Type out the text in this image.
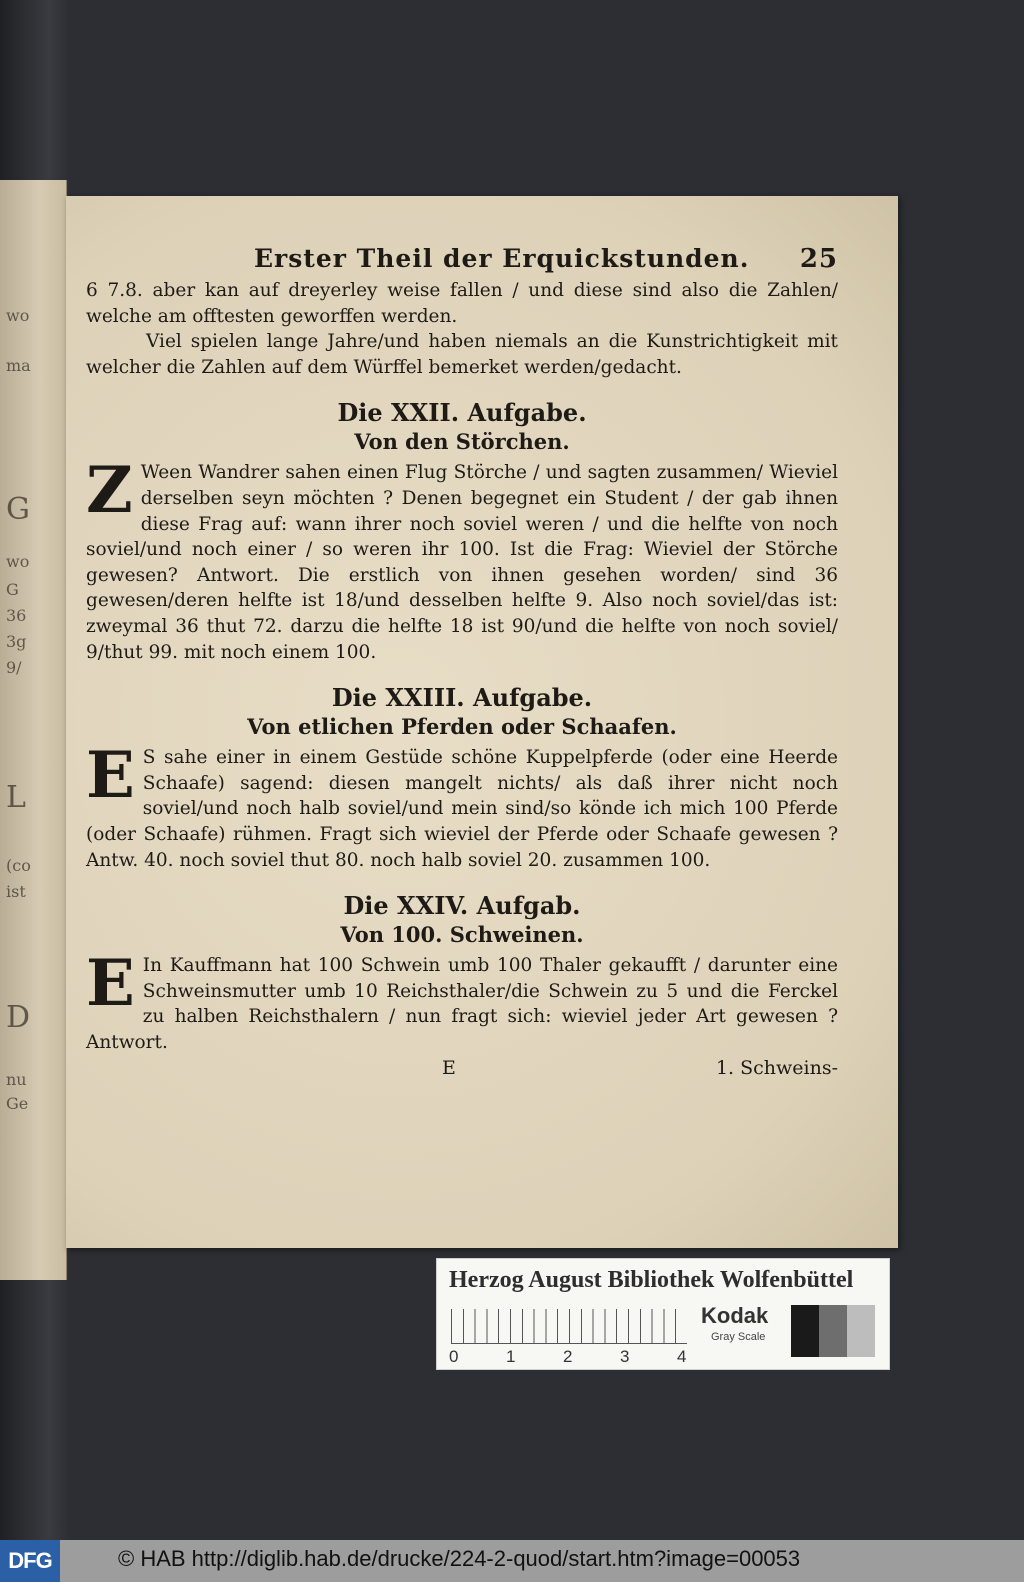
wo
ma
G
wo
G
36
3g
9/
L
(co
ist
D
nu
Ge
Erster Theil der Erquickstunden. 25

6 7.8. aber kan auf dreyerley weise fallen / und diese sind also die Zahlen/ welche am offtesten geworffen werden.

Viel spielen lange Jahre/und haben niemals an die Kunstrichtigkeit mit welcher die Zahlen auf dem Würffel bemerket werden/gedacht.

Die XXII. Aufgabe.
Von den Störchen.

Z Ween Wandrer sahen einen Flug Störche / und sagten zusammen/ Wieviel derselben seyn möchten ? Denen begegnet ein Student / der gab ihnen diese Frag auf: wann ihrer noch soviel weren / und die helfte von noch soviel/und noch einer / so weren ihr 100. Ist die Frag: Wieviel der Störche gewesen? Antwort. Die erstlich von ihnen gesehen worden/ sind 36 gewesen/deren helfte ist 18/und desselben helfte 9. Also noch soviel/das ist: zweymal 36 thut 72. darzu die helfte 18 ist 90/und die helfte von noch soviel/ 9/thut 99. mit noch einem 100.

Die XXIII. Aufgabe.
Von etlichen Pferden oder Schaafen.

E S sahe einer in einem Gestüde schöne Kuppelpferde (oder eine Heerde Schaafe) sagend: diesen mangelt nichts/ als daß ihrer nicht noch soviel/und noch halb soviel/und mein sind/so könde ich mich 100 Pferde (oder Schaafe) rühmen. Fragt sich wieviel der Pferde oder Schaafe gewesen ? Antw. 40. noch soviel thut 80. noch halb soviel 20. zusammen 100.

Die XXIV. Aufgab.
Von 100. Schweinen.

E In Kauffmann hat 100 Schwein umb 100 Thaler gekaufft / darunter eine Schweinsmutter umb 10 Reichsthaler/die Schwein zu 5 und die Ferckel zu halben Reichsthalern / nun fragt sich: wieviel jeder Art gewesen ? Antwort.

E	1. Schweins-
Herzog August Bibliothek Wolfenbüttel
0	1	2	3	4
Kodak
Gray Scale
DFG	© HAB http://diglib.hab.de/drucke/224-2-quod/start.htm?image=00053
